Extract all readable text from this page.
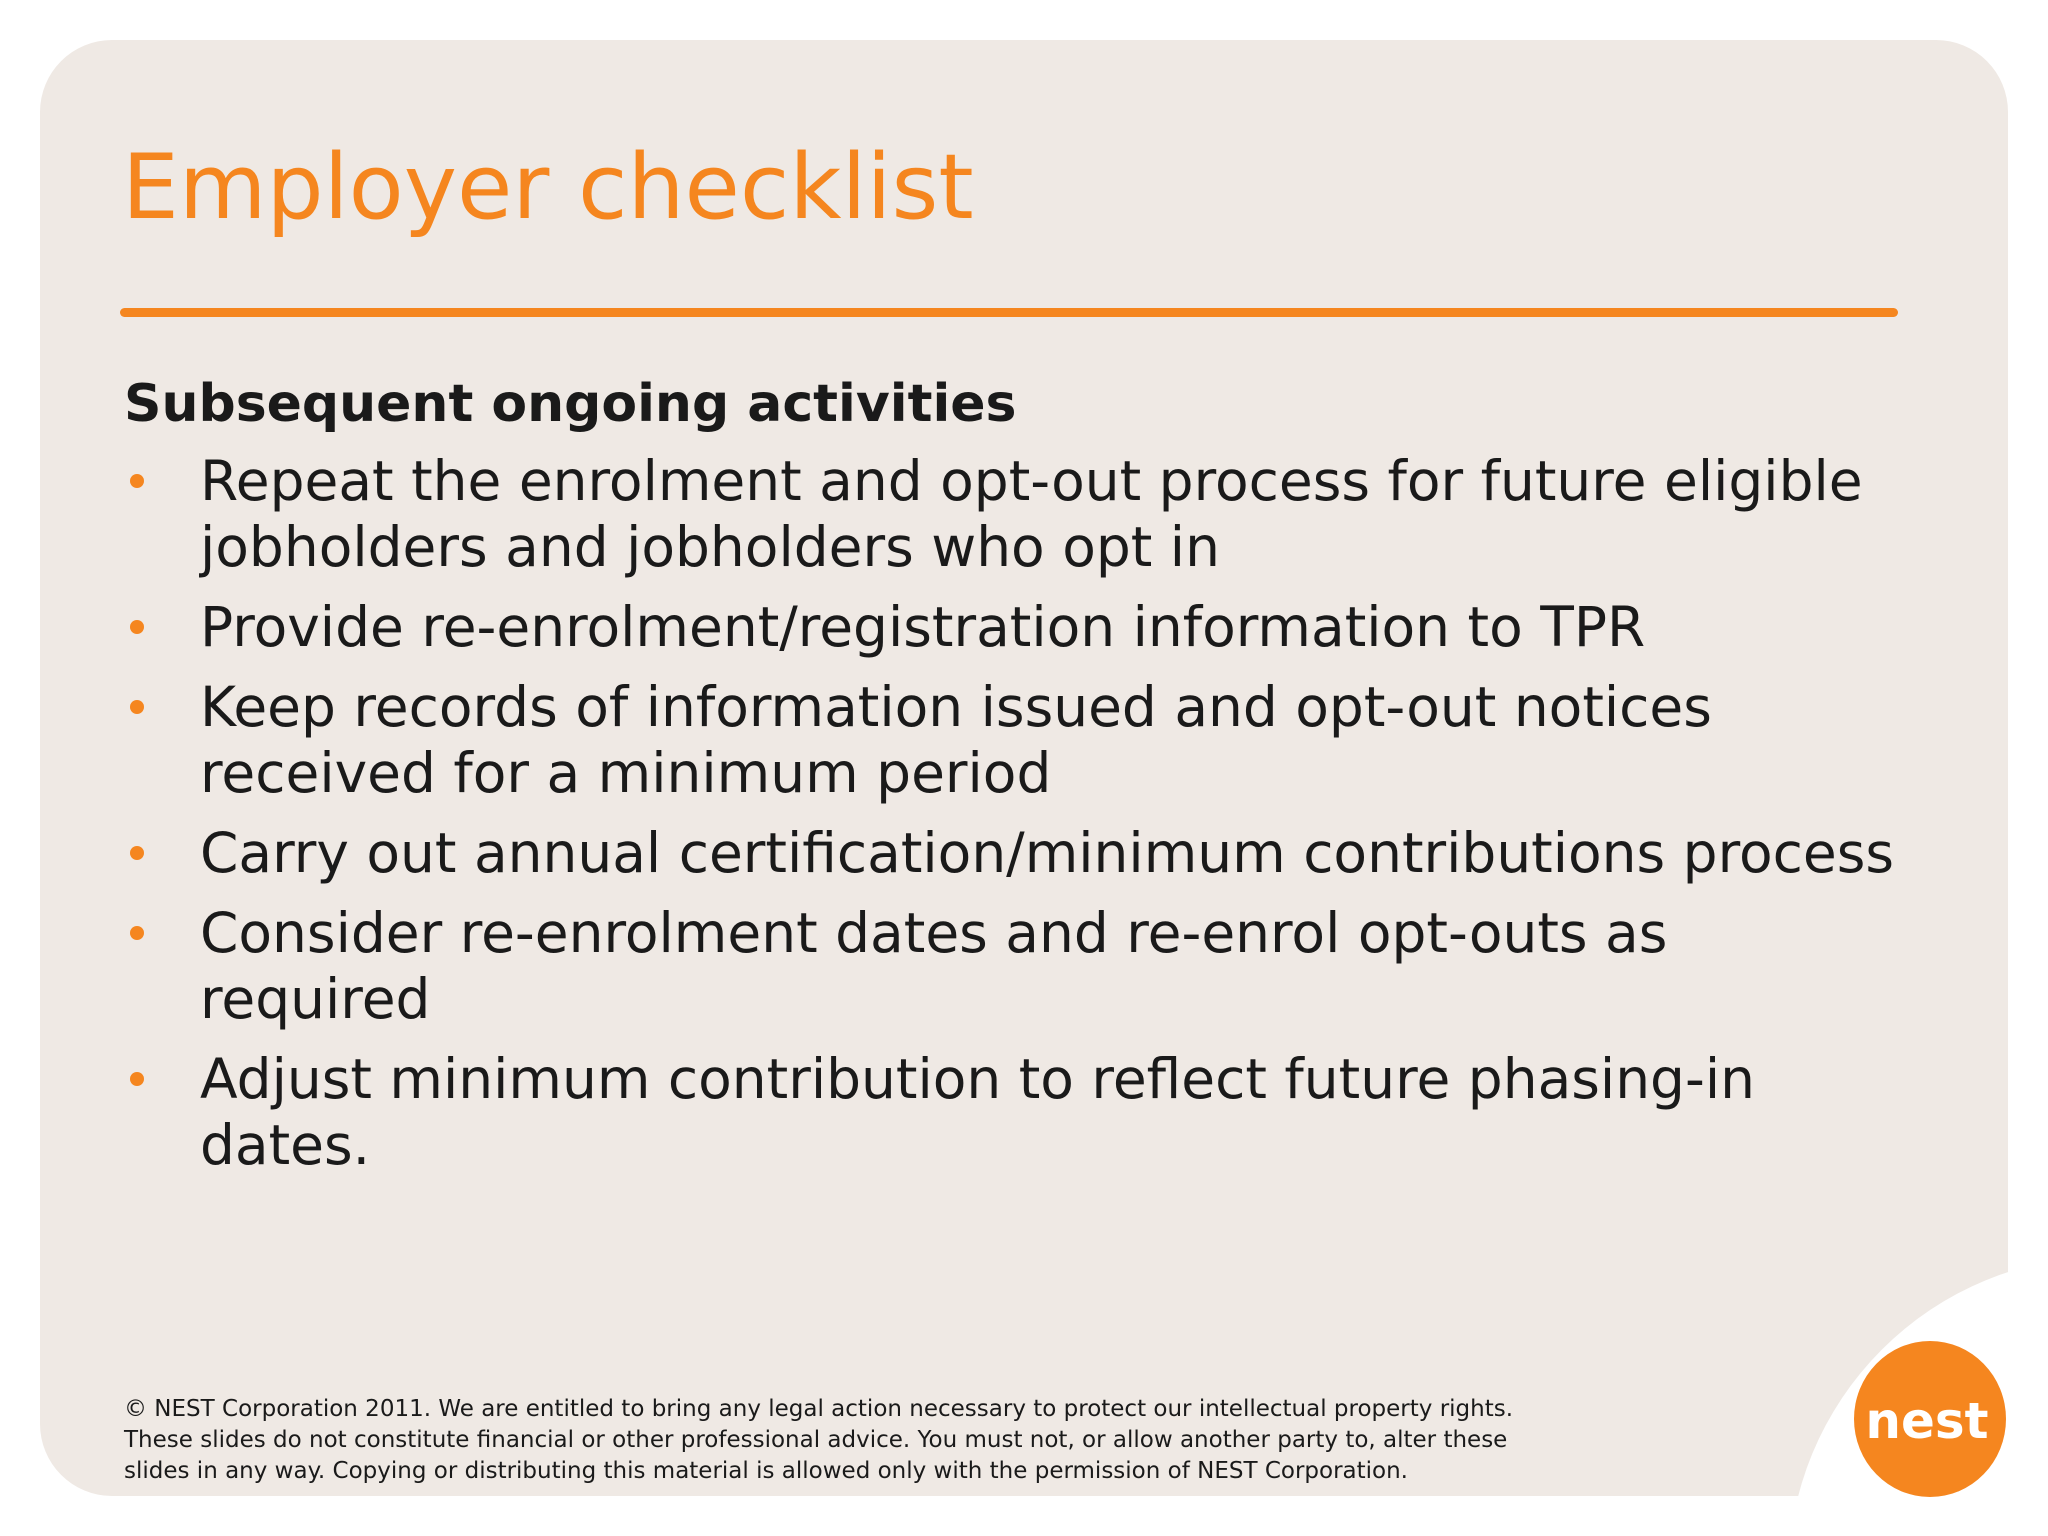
Employer checklist
Subsequent ongoing activities
Repeat the enrolment and opt-out process for future eligible jobholders and jobholders who opt in
Provide re-enrolment/registration information to TPR
Keep records of information issued and opt-out notices received for a minimum period
Carry out annual certification/minimum contributions process
Consider re-enrolment dates and re-enrol opt-outs as required
Adjust minimum contribution to reflect future phasing-in dates.
© NEST Corporation 2011. We are entitled to bring any legal action necessary to protect our intellectual property rights.
These slides do not constitute financial or other professional advice. You must not, or allow another party to, alter these
slides in any way. Copying or distributing this material is allowed only with the permission of NEST Corporation.
nest
